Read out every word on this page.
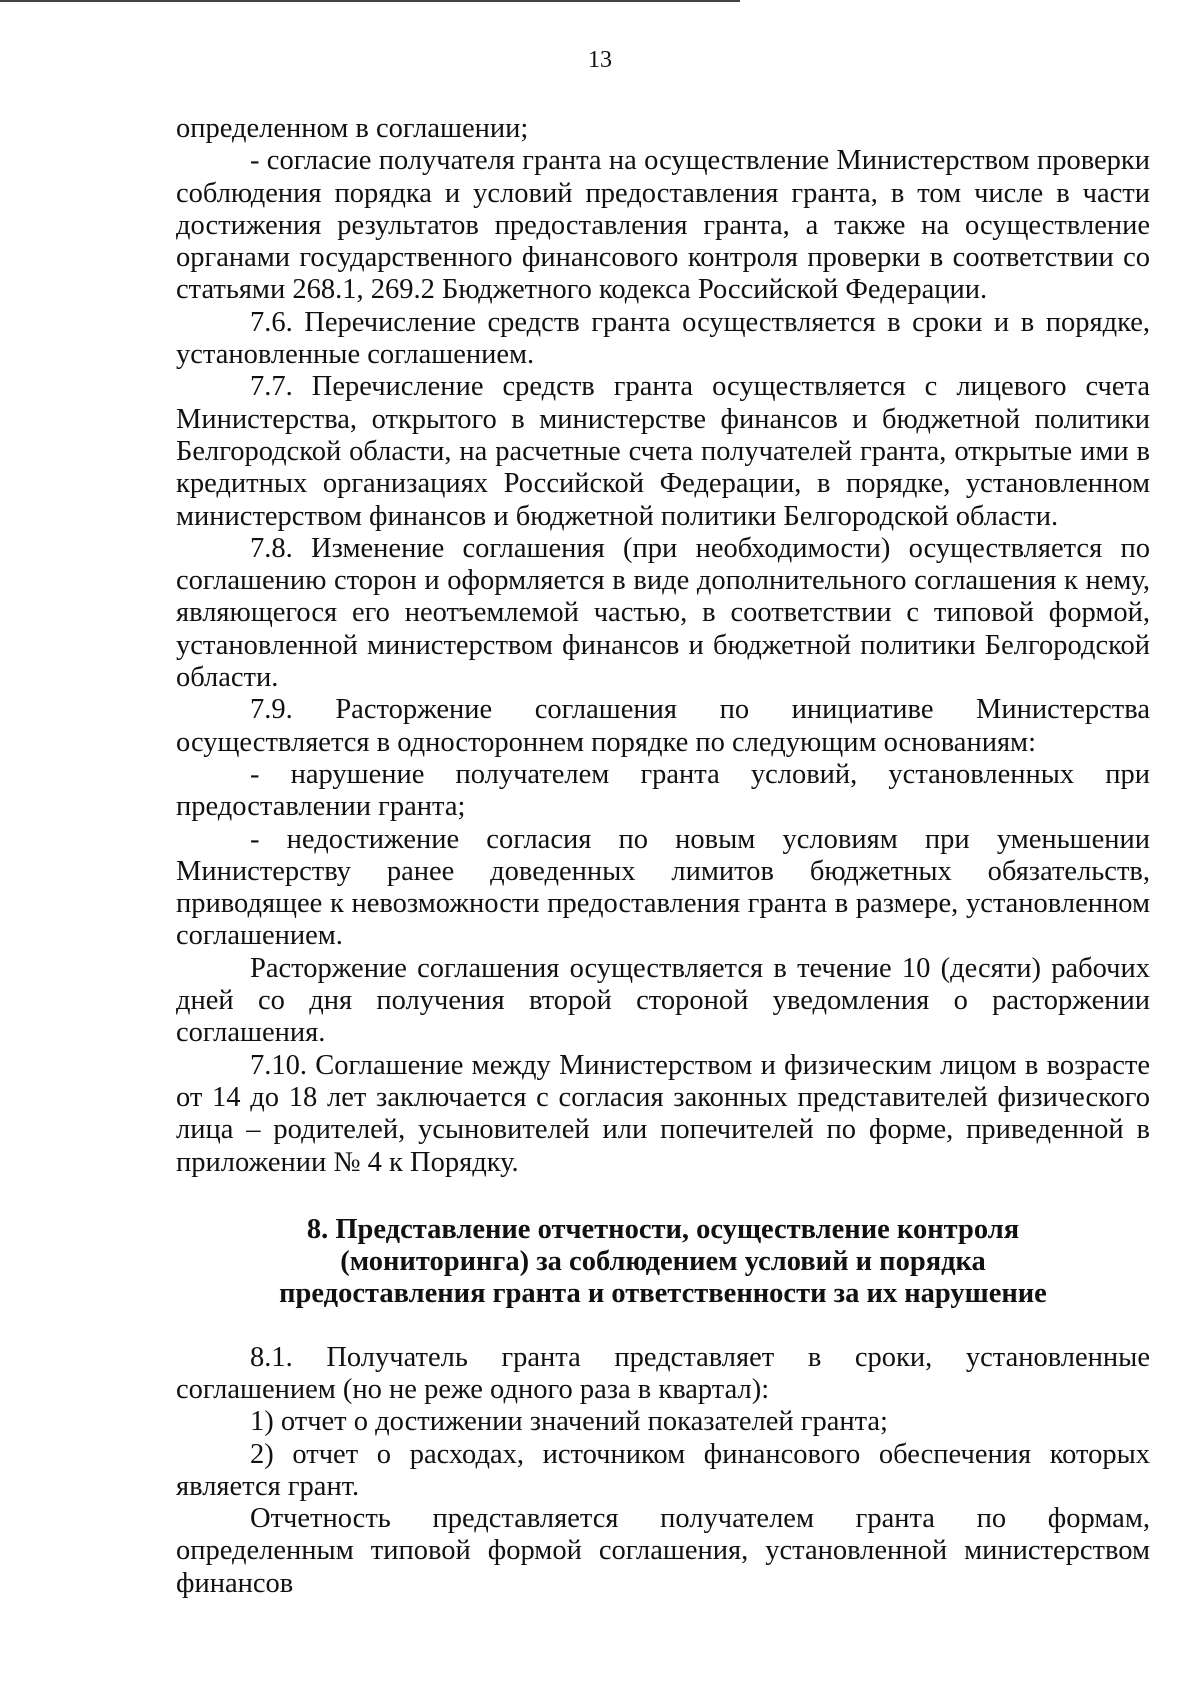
13

определенном в соглашении;

- согласие получателя гранта на осуществление Министерством проверки соблюдения порядка и условий предоставления гранта, в том числе в части достижения результатов предоставления гранта, а также на осуществление органами государственного финансового контроля проверки в соответствии со статьями 268.1, 269.2 Бюджетного кодекса Российской Федерации.

7.6. Перечисление средств гранта осуществляется в сроки и в порядке, установленные соглашением.

7.7. Перечисление средств гранта осуществляется с лицевого счета Министерства, открытого в министерстве финансов и бюджетной политики Белгородской области, на расчетные счета получателей гранта, открытые ими в кредитных организациях Российской Федерации, в порядке, установленном министерством финансов и бюджетной политики Белгородской области.

7.8. Изменение соглашения (при необходимости) осуществляется по соглашению сторон и оформляется в виде дополнительного соглашения к нему, являющегося его неотъемлемой частью, в соответствии с типовой формой, установленной министерством финансов и бюджетной политики Белгородской области.

7.9. Расторжение соглашения по инициативе Министерства осуществляется в одностороннем порядке по следующим основаниям:

- нарушение получателем гранта условий, установленных при предоставлении гранта;

- недостижение согласия по новым условиям при уменьшении Министерству ранее доведенных лимитов бюджетных обязательств, приводящее к невозможности предоставления гранта в размере, установленном соглашением.

Расторжение соглашения осуществляется в течение 10 (десяти) рабочих дней со дня получения второй стороной уведомления о расторжении соглашения.

7.10. Соглашение между Министерством и физическим лицом в возрасте от 14 до 18 лет заключается с согласия законных представителей физического лица – родителей, усыновителей или попечителей по форме, приведенной в приложении № 4 к Порядку.

8. Представление отчетности, осуществление контроля
(мониторинга) за соблюдением условий и порядка
предоставления гранта и ответственности за их нарушение

8.1. Получатель гранта представляет в сроки, установленные соглашением (но не реже одного раза в квартал):

1) отчет о достижении значений показателей гранта;

2) отчет о расходах, источником финансового обеспечения которых является грант.

Отчетность представляется получателем гранта по формам, определенным типовой формой соглашения, установленной министерством финансов
